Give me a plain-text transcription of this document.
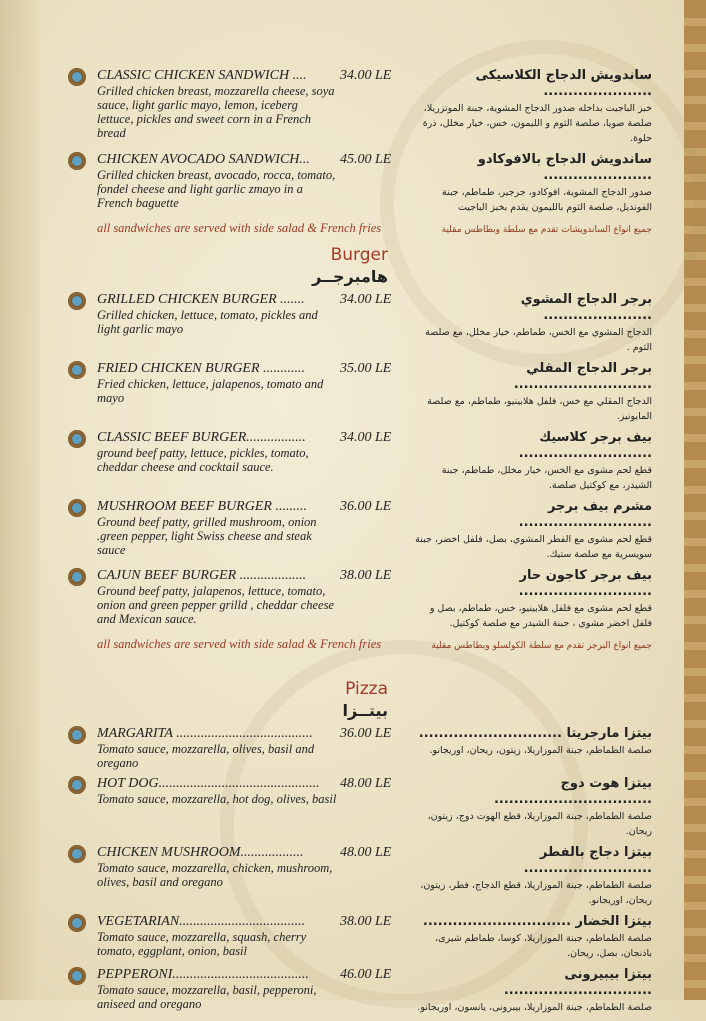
CLASSIC CHICKEN SANDWICH ....	34.00 LE
Grilled chicken breast, mozzarella cheese, soya sauce, light garlic mayo, lemon, iceberg lettuce, pickles and sweet corn in a French bread
ساندويش الدجاج الكلاسيكى ......................
خبز الباجيت بداخله صدور الدجاج المشوية، جبنة الموتزريلا، صلصة صويا، صلصة الثوم و الليمون، خس، خيار مخلل، ذرة حلوة.
CHICKEN AVOCADO SANDWICH...	45.00 LE
Grilled chicken breast, avocado, rocca, tomato, fondel cheese and light garlic zmayo in a French baguette
ساندويش الدجاج بالافوكادو ......................
صدور الدجاج المشوية، افوكادو، جرجير، طماطم، جبنة الفونديل، صلصة الثوم بالليمون يقدم بخبز الباجيت
all sandwiches are served with side salad & French fries	جميع انواع الساندويشات تقدم مع سلطة وبطاطس مقلية
Burger
هامبرجــر
GRILLED CHICKEN BURGER .......	34.00 LE
Grilled chicken, lettuce, tomato, pickles and light garlic mayo
برجر الدجاج المشوي ......................
الدجاج المشوي مع الخس، طماطم، خيار مخلل، مع صلصة الثوم .
FRIED CHICKEN BURGER ............	35.00 LE
Fried chicken, lettuce, jalapenos, tomato and mayo
برجر الدجاج المقلي ............................
الدجاج المقلي مع خس، فلفل هلابينيو، طماطم، مع صلصة المايونيز.
CLASSIC BEEF BURGER.................	34.00 LE
ground beef patty, lettuce, pickles, tomato, cheddar cheese and cocktail sauce.
بيف برجر كلاسيك ...........................
قطع لحم مشوى مع الخس، خيار مخلل، طماطم، جبنة الشيدر، مع كوكتيل صلصة.
MUSHROOM BEEF BURGER .........	36.00 LE
Ground beef patty, grilled mushroom, onion .green pepper, light Swiss cheese and steak sauce
مشرم بيف برجر ...........................
قطع لحم مشوى مع الفطر المشوي، بصل، فلفل اخضر، جبنة سويسرية مع صلصة ستيك.
CAJUN BEEF BURGER ...................	38.00 LE
Ground beef patty, jalapenos, lettuce, tomato, onion and green pepper grilld , cheddar cheese and Mexican sauce.
بيف برجر كاجون حار ...........................
قطع لحم مشوى مع فلفل هلابينيو، خس، طماطم، بصل و فلفل اخضر مشوي ، جبنة الشيدر مع صلصة كوكتيل.
all sandwiches are served with side salad & French fries	جميع انواع البرجر تقدم مع سلطة الكولسلو وبطاطس مقلية
Pizza
بيتــزا
MARGARITA .......................................	36.00 LE
Tomato sauce, mozzarella, olives, basil and oregano
بيتزا مارجريتا .............................
صلصة الطماطم، جبنة الموزاريلا، زيتون، ريحان، اوريجانو.
HOT DOG..............................................	48.00 LE
Tomato sauce, mozzarella, hot dog, olives, basil
بيتزا هوت دوج ................................
صلصة الطماطم، جبنة الموزاريلا، قطع الهوت دوج، زيتون، ريحان.
CHICKEN MUSHROOM..................	48.00 LE
Tomato sauce, mozzarella, chicken, mushroom, olives, basil and oregano
بيتزا دجاج بالفطر ..........................
صلصة الطماطم، جبنة الموزاريلا، قطع الدجاج، فطر، زيتون، ريحان، اوريجانو.
VEGETARIAN....................................	38.00 LE
Tomato sauce, mozzarella, squash, cherry tomato, eggplant, onion, basil
بيتزا الخضار ..............................
صلصة الطماطم، جبنة الموزاريلا، كوسا، طماطم شيرى، باذنجان، بصل، ريحان.
PEPPERONI.......................................	46.00 LE
Tomato sauce, mozzarella, basil, pepperoni, aniseed and oregano
بيتزا بيبيرونى ..............................
صلصة الطماطم، جبنة الموزاريلا، بيبرونى، يانسون، اوريجانو.
